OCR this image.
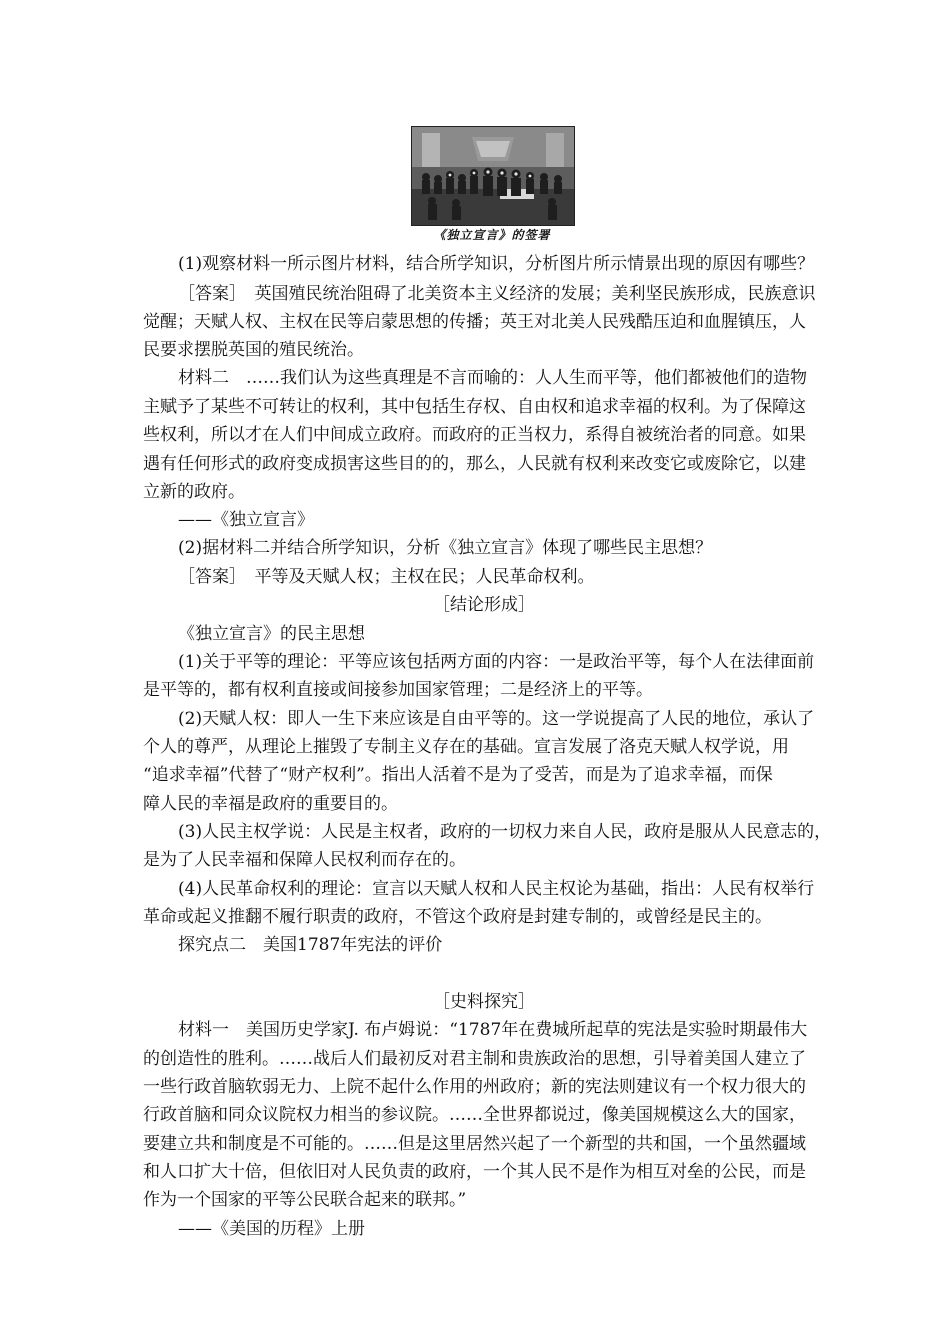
《独立宣言》的签署
(1)观察材料一所示图片材料，结合所学知识，分析图片所示情景出现的原因有哪些？
［答案］　英国殖民统治阻碍了北美资本主义经济的发展；美利坚民族形成，民族意识
觉醒；天赋人权、主权在民等启蒙思想的传播；英王对北美人民残酷压迫和血腥镇压，人
民要求摆脱英国的殖民统治。
材料二　……我们认为这些真理是不言而喻的：人人生而平等，他们都被他们的造物
主赋予了某些不可转让的权利，其中包括生存权、自由权和追求幸福的权利。为了保障这
些权利，所以才在人们中间成立政府。而政府的正当权力，系得自被统治者的同意。如果
遇有任何形式的政府变成损害这些目的的，那么，人民就有权利来改变它或废除它，以建
立新的政府。
——《独立宣言》
(2)据材料二并结合所学知识，分析《独立宣言》体现了哪些民主思想？
［答案］　平等及天赋人权；主权在民；人民革命权利。
［结论形成］
《独立宣言》的民主思想
(1)关于平等的理论：平等应该包括两方面的内容：一是政治平等，每个人在法律面前
是平等的，都有权利直接或间接参加国家管理；二是经济上的平等。
(2)天赋人权：即人一生下来应该是自由平等的。这一学说提高了人民的地位，承认了
个人的尊严，从理论上摧毁了专制主义存在的基础。宣言发展了洛克天赋人权学说，用
“追求幸福”代替了“财产权利”。指出人活着不是为了受苦，而是为了追求幸福，而保
障人民的幸福是政府的重要目的。
(3)人民主权学说：人民是主权者，政府的一切权力来自人民，政府是服从人民意志的，
是为了人民幸福和保障人民权利而存在的。
(4)人民革命权利的理论：宣言以天赋人权和人民主权论为基础，指出：人民有权举行
革命或起义推翻不履行职责的政府，不管这个政府是封建专制的，或曾经是民主的。
探究点二　美国1787年宪法的评价
［史料探究］
材料一　美国历史学家J. 布卢姆说：“1787年在费城所起草的宪法是实验时期最伟大
的创造性的胜利。……战后人们最初反对君主制和贵族政治的思想，引导着美国人建立了
一些行政首脑软弱无力、上院不起什么作用的州政府；新的宪法则建议有一个权力很大的
行政首脑和同众议院权力相当的参议院。……全世界都说过，像美国规模这么大的国家，
要建立共和制度是不可能的。……但是这里居然兴起了一个新型的共和国，一个虽然疆域
和人口扩大十倍，但依旧对人民负责的政府，一个其人民不是作为相互对垒的公民，而是
作为一个国家的平等公民联合起来的联邦。”
——《美国的历程》上册
